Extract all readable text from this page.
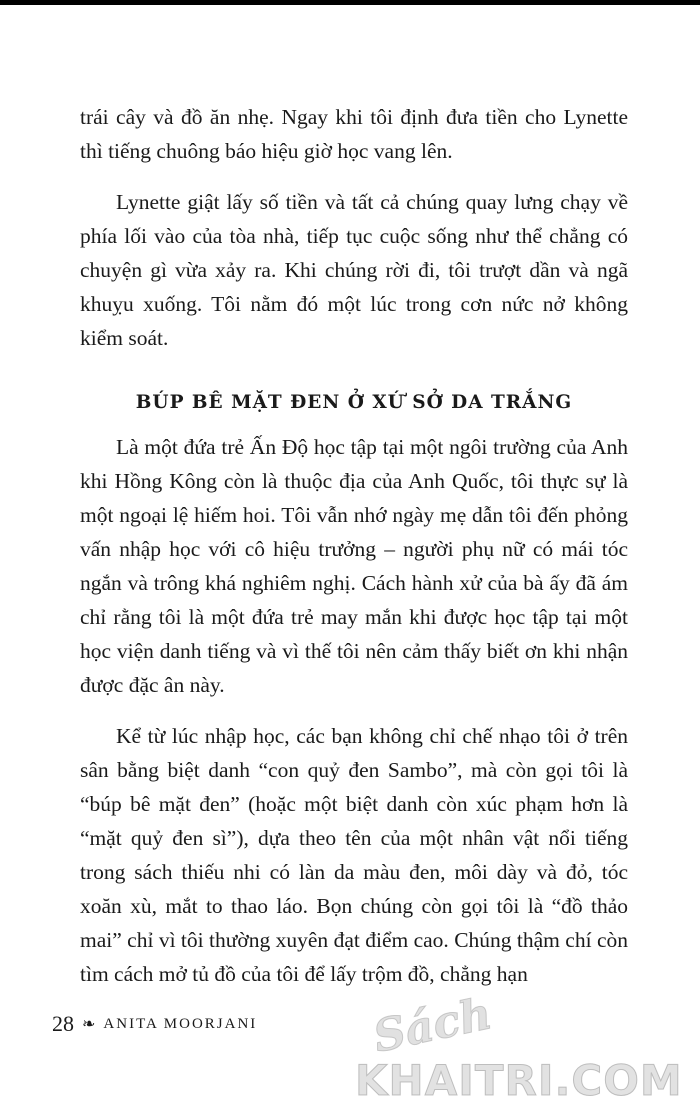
trái cây và đồ ăn nhẹ. Ngay khi tôi định đưa tiền cho Lynette thì tiếng chuông báo hiệu giờ học vang lên.

Lynette giật lấy số tiền và tất cả chúng quay lưng chạy về phía lối vào của tòa nhà, tiếp tục cuộc sống như thể chẳng có chuyện gì vừa xảy ra. Khi chúng rời đi, tôi trượt dần và ngã khuỵu xuống. Tôi nằm đó một lúc trong cơn nức nở không kiểm soát.

BÚP BÊ MẶT ĐEN Ở XỨ SỞ DA TRẮNG

Là một đứa trẻ Ấn Độ học tập tại một ngôi trường của Anh khi Hồng Kông còn là thuộc địa của Anh Quốc, tôi thực sự là một ngoại lệ hiếm hoi. Tôi vẫn nhớ ngày mẹ dẫn tôi đến phỏng vấn nhập học với cô hiệu trưởng – người phụ nữ có mái tóc ngắn và trông khá nghiêm nghị. Cách hành xử của bà ấy đã ám chỉ rằng tôi là một đứa trẻ may mắn khi được học tập tại một học viện danh tiếng và vì thế tôi nên cảm thấy biết ơn khi nhận được đặc ân này.

Kể từ lúc nhập học, các bạn không chỉ chế nhạo tôi ở trên sân bằng biệt danh “con quỷ đen Sambo”, mà còn gọi tôi là “búp bê mặt đen” (hoặc một biệt danh còn xúc phạm hơn là “mặt quỷ đen sì”), dựa theo tên của một nhân vật nổi tiếng trong sách thiếu nhi có làn da màu đen, môi dày và đỏ, tóc xoăn xù, mắt to thao láo. Bọn chúng còn gọi tôi là “đồ thảo mai” chỉ vì tôi thường xuyên đạt điểm cao. Chúng thậm chí còn tìm cách mở tủ đồ của tôi để lấy trộm đồ, chẳng hạn

28 ❧ ANITA MOORJANI	Sách
KHAITRI.COM
